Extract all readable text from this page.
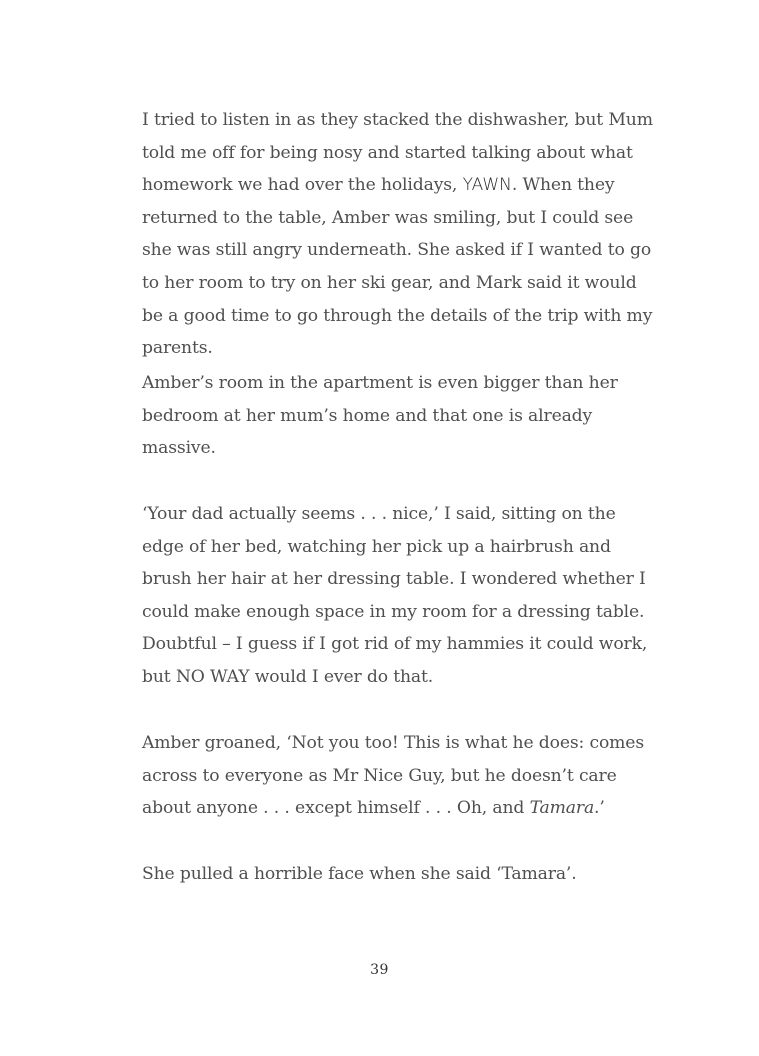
I tried to listen in as they stacked the dishwasher, but Mum told me off for being nosy and started talking about what homework we had over the holidays, YAWN. When they returned to the table, Amber was smiling, but I could see she was still angry underneath. She asked if I wanted to go to her room to try on her ski gear, and Mark said it would be a good time to go through the details of the trip with my parents.

Amber’s room in the apartment is even bigger than her bedroom at her mum’s home and that one is already massive.

‘Your dad actually seems . . . nice,’ I said, sitting on the edge of her bed, watching her pick up a hairbrush and brush her hair at her dressing table. I wondered whether I could make enough space in my room for a dressing table. Doubtful – I guess if I got rid of my hammies it could work, but NO WAY would I ever do that.

Amber groaned, ‘Not you too! This is what he does: comes across to everyone as Mr Nice Guy, but he doesn’t care about anyone . . . except himself . . . Oh, and Tamara.’

She pulled a horrible face when she said ‘Tamara’.

39
